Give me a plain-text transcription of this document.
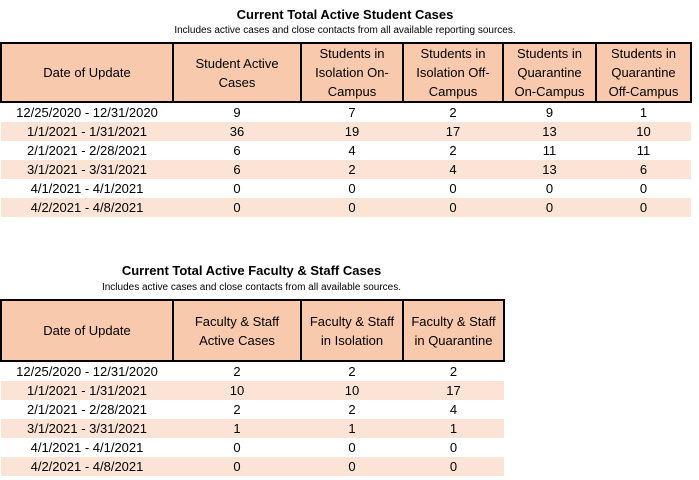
Current Total Active Student Cases
Includes active cases and close contacts from all available reporting sources.
Date of Update	Student Active Cases	Students in Isolation On-Campus	Students in Isolation Off-Campus	Students in Quarantine On-Campus	Students in Quarantine Off-Campus
12/25/2020 - 12/31/2020	9	7	2	9	1
1/1/2021 - 1/31/2021	36	19	17	13	10
2/1/2021 - 2/28/2021	6	4	2	11	11
3/1/2021 - 3/31/2021	6	2	4	13	6
4/1/2021 - 4/1/2021	0	0	0	0	0
4/2/2021 - 4/8/2021	0	0	0	0	0
Current Total Active Faculty & Staff Cases
Includes active cases and close contacts from all available sources.
Date of Update	Faculty & Staff Active Cases	Faculty & Staff in Isolation	Faculty & Staff in Quarantine
12/25/2020 - 12/31/2020	2	2	2
1/1/2021 - 1/31/2021	10	10	17
2/1/2021 - 2/28/2021	2	2	4
3/1/2021 - 3/31/2021	1	1	1
4/1/2021 - 4/1/2021	0	0	0
4/2/2021 - 4/8/2021	0	0	0
